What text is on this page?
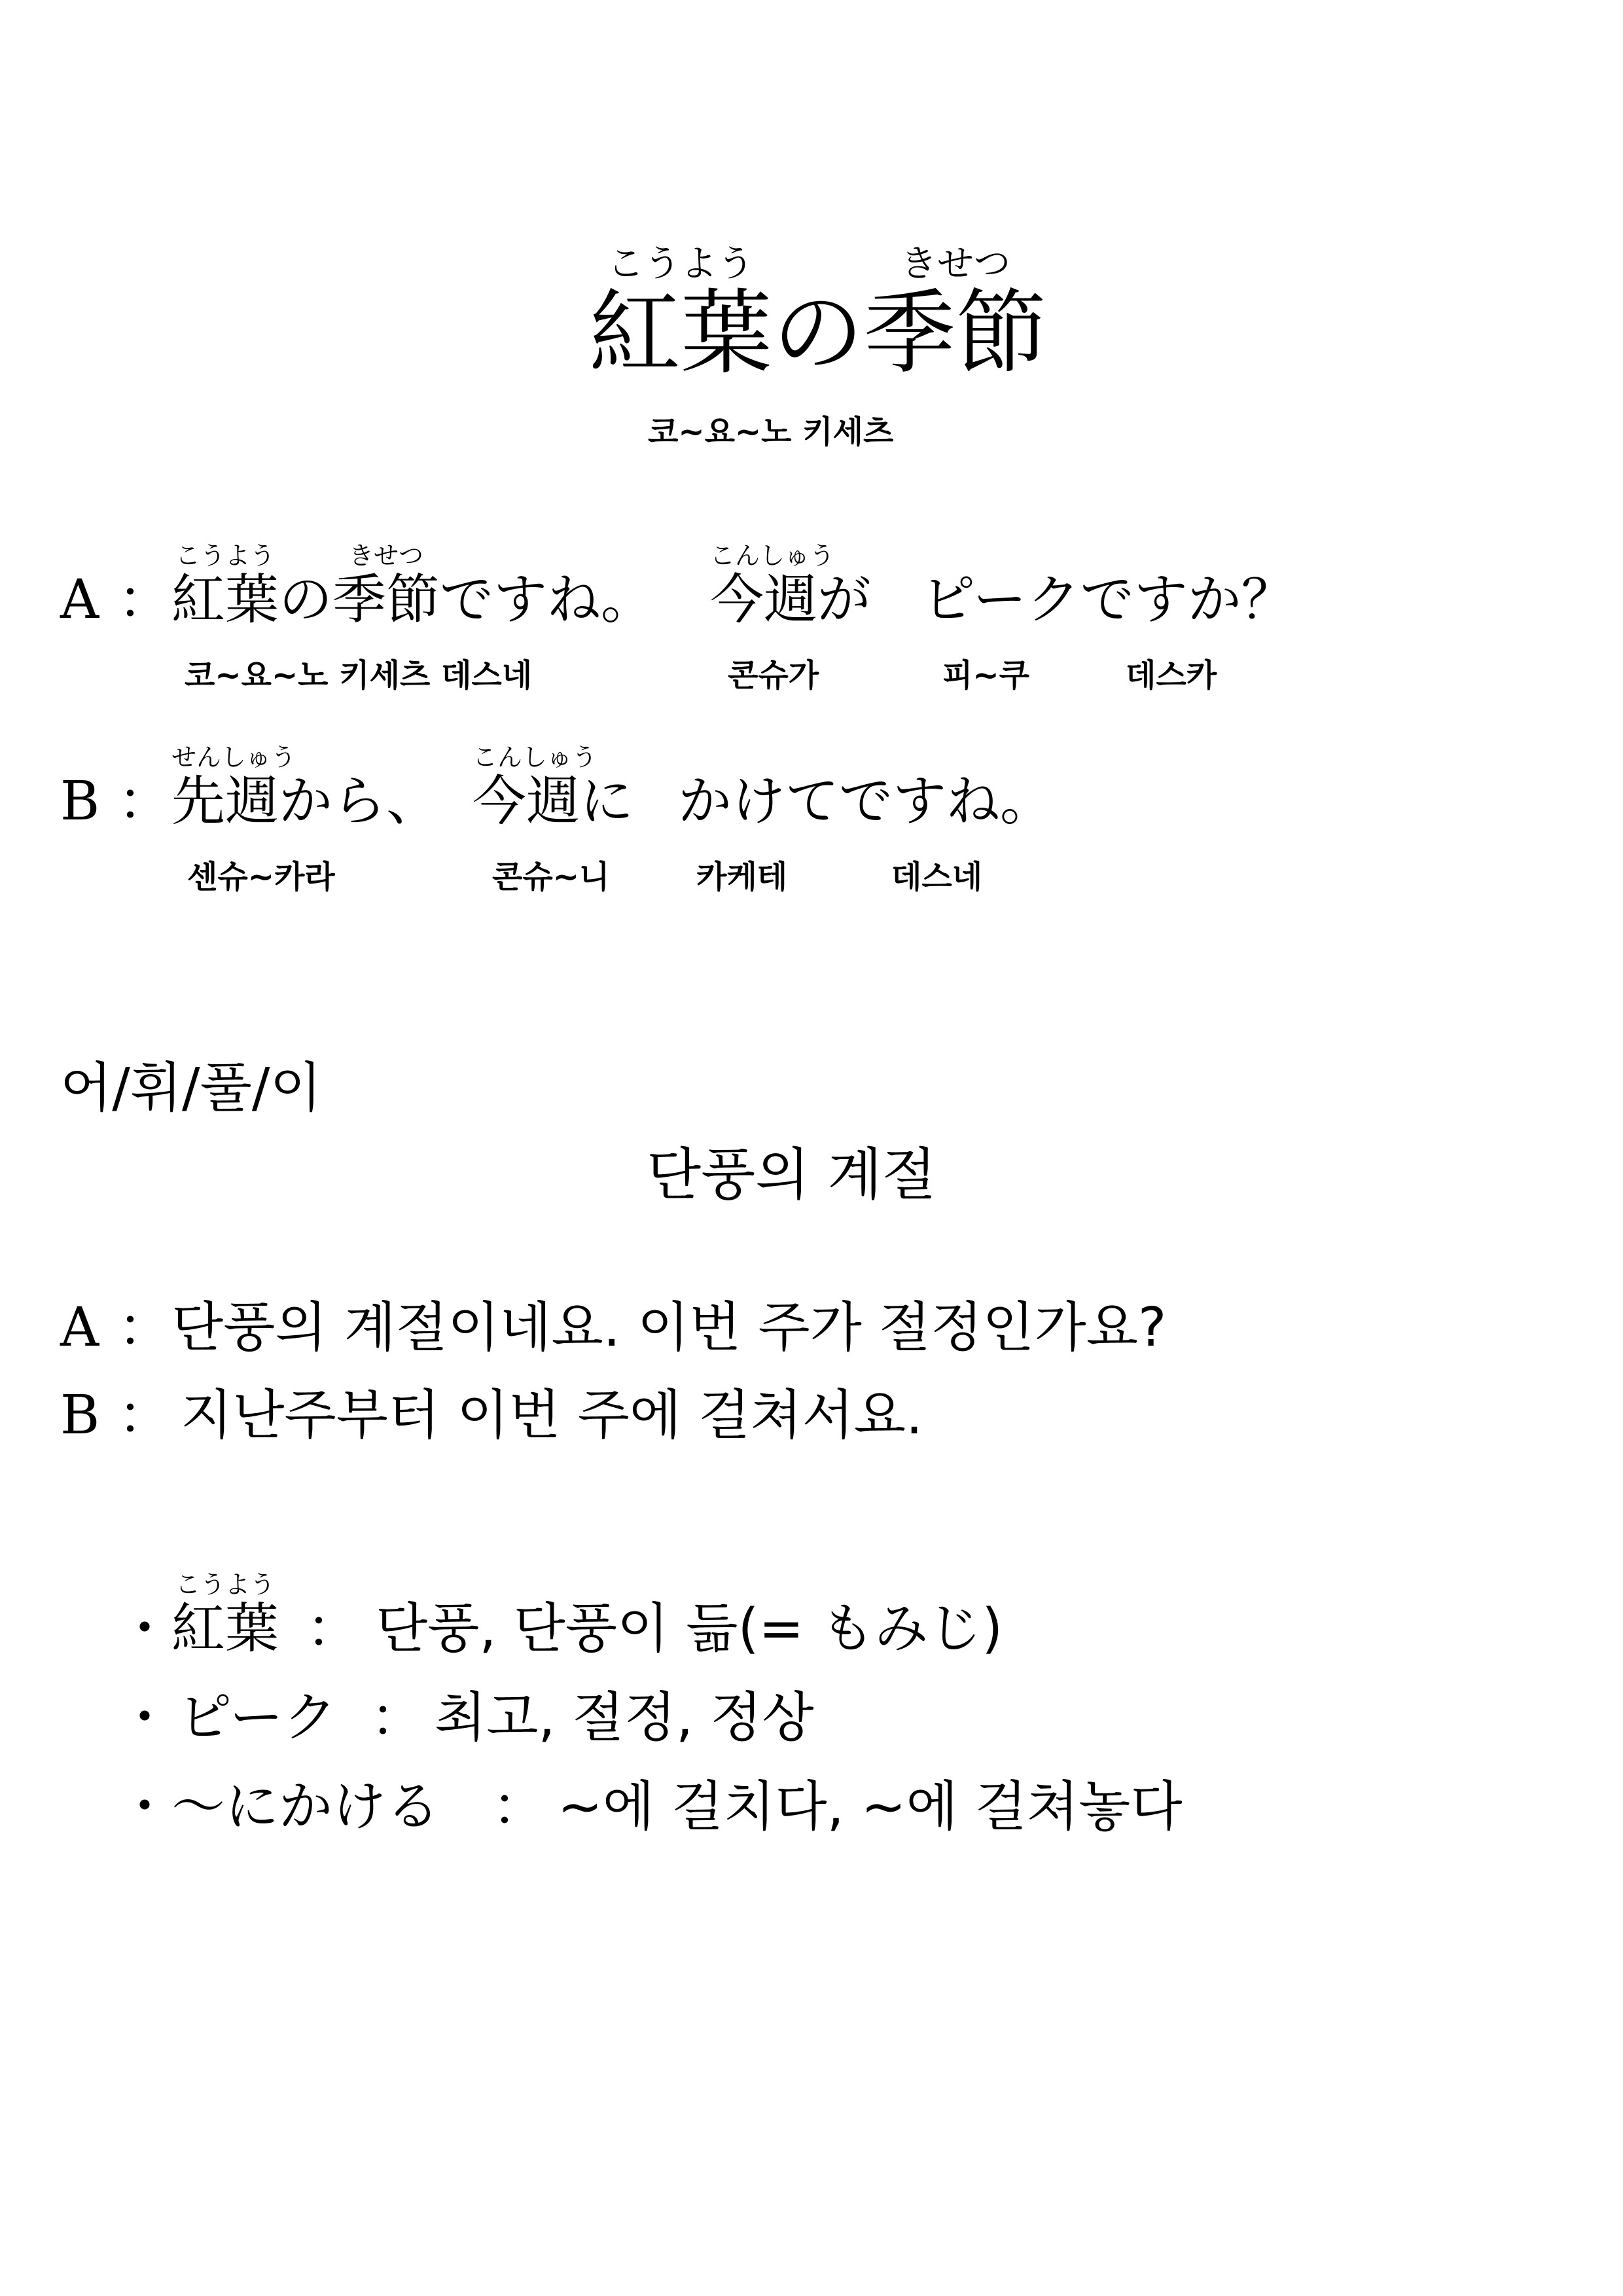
こうよう
紅葉 の
きせつ
季節
코~요~노 키세츠
A ：
こうよう
紅葉 の
きせつ
季節 ですね。
こんしゅう
今週 が ピークですか？
코~요~노 키세츠 데스네	콘슈가	피~쿠	데스카
B ：
せんしゅう
先週 から、
こんしゅう
今週 に かけてですね。
센슈~카라	콘슈~니	카케테	데스네
어/휘/풀/이
단풍의 계절
A ： 단풍의 계절이네요. 이번 주가 절정인가요?
B ： 지난주부터 이번 주에 걸쳐서요.
・
こうよう
紅葉 ： 단풍, 단풍이 듦(= もみじ)
・ ピーク ： 최고, 절정, 정상
・ ～にかける ： ~에 걸치다, ~에 걸쳐놓다
